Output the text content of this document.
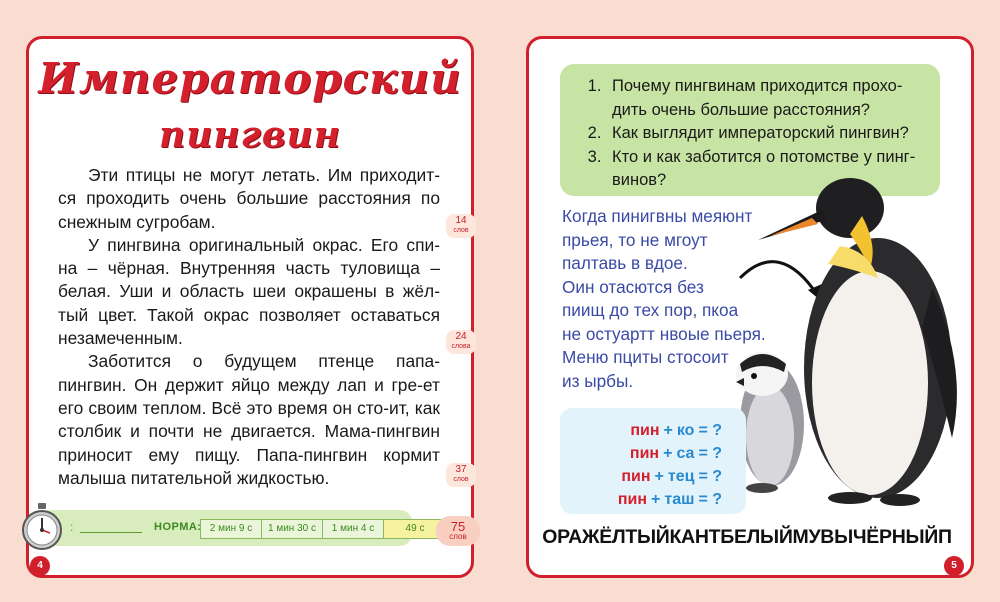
Императорский
пингвин

Эти птицы не могут летать. Им приходит-ся проходить очень большие расстояния по снежным сугробам.

У пингвина оригинальный окрас. Его спи-на – чёрная. Внутренняя часть туловища – белая. Уши и область шеи окрашены в жёл-тый цвет. Такой окрас позволяет оставаться незамеченным.

Заботится о будущем птенце папа-пингвин. Он держит яйцо между лап и гре-ет его своим теплом. Всё это время он сто-ит, как столбик и почти не двигается. Мама-пингвин приносит ему пищу. Папа-пингвин кормит малыша питательной жидкостью.

14
слов
24
слова
37
слов
:	НОРМА: 2 мин 9 с	1 мин 30 с	1 мин 4 с	49 с	75
слов
4
1. Почему пингвинам приходится прохо-дить очень большие расстояния?
2. Как выглядит императорский пингвин?
3. Кто и как заботится о потомстве у пинг-винов?
Когда пинигвны меяюнт
прьея, то не мгоут
палтавь в вдое.
Оин отасются без
пиищ до тех пор, пкоа
не остуартт нвоые пьеря.
Меню пциты стосоит
из ырбы.
пин + ко = ?
пин + са = ?
пин + тец = ?
пин + таш = ?
ОРАЖЁЛТЫЙКАНТБЕЛЫЙМУВЫЧЁРНЫЙП
5
